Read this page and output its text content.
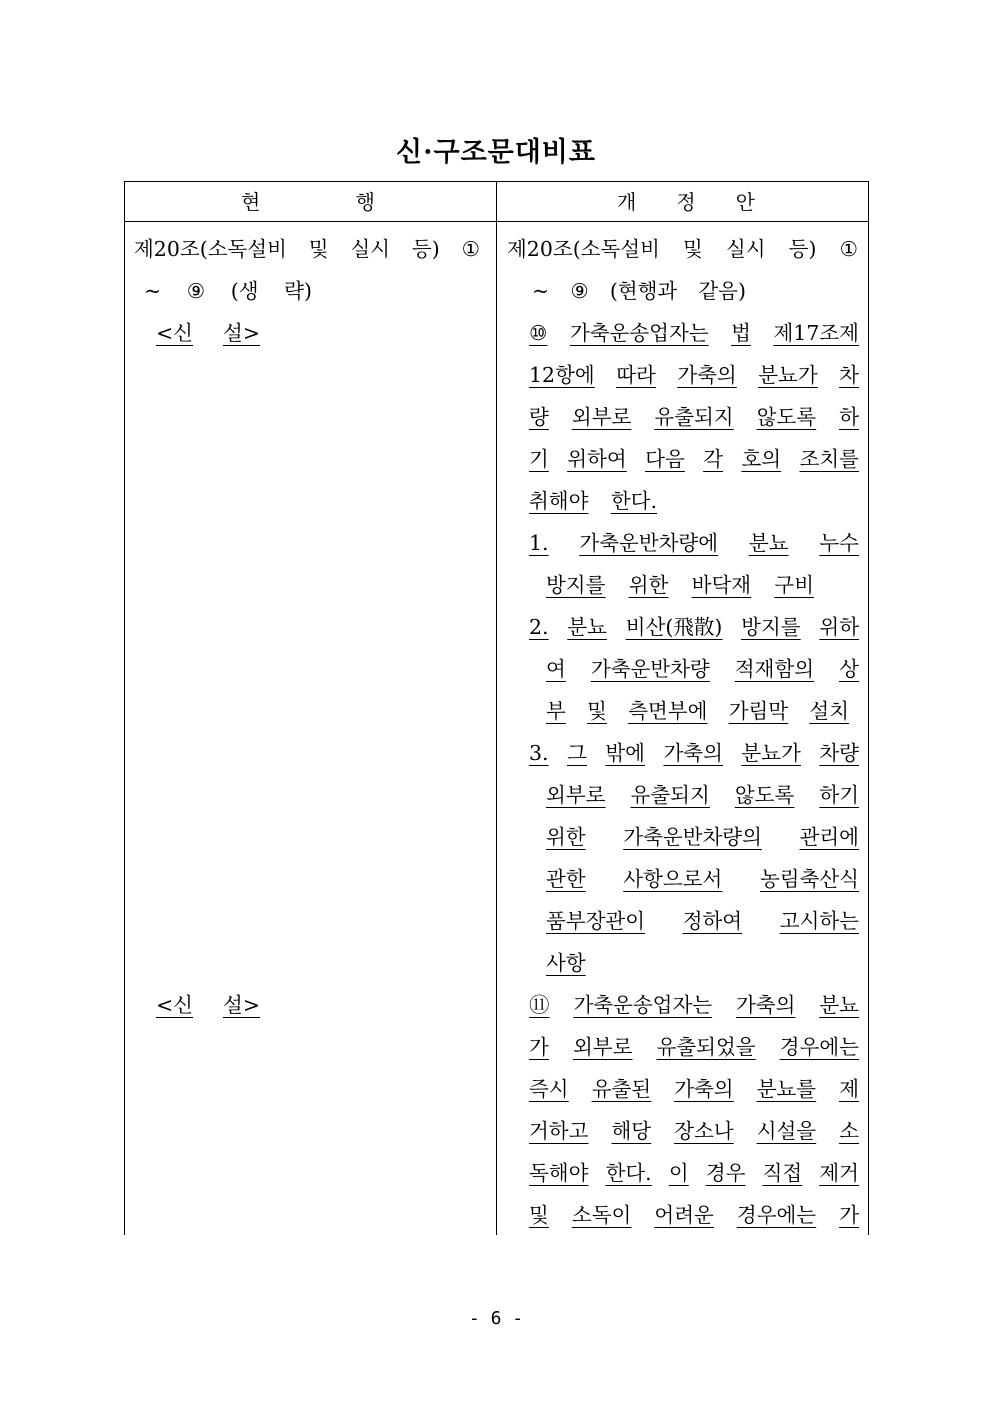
신·구조문대비표
현	행	개 정 안
제20조(소독설비 및 실시 등) ①
~ ⑨ (생 략)
<신 설>
<신 설>
제20조(소독설비 및 실시 등) ①
~ ⑨ (현행과 같음)
⑩ 가축운송업자는 법 제17조제
12항에 따라 가축의 분뇨가 차
량 외부로 유출되지 않도록 하
기 위하여 다음 각 호의 조치를
취해야 한다.
1. 가축운반차량에 분뇨 누수
방지를 위한 바닥재 구비
2. 분뇨 비산(飛散) 방지를 위하
여 가축운반차량 적재함의 상
부 및 측면부에 가림막 설치
3. 그 밖에 가축의 분뇨가 차량
외부로 유출되지 않도록 하기
위한 가축운반차량의 관리에
관한 사항으로서 농림축산식
품부장관이 정하여 고시하는
사항
⑪ 가축운송업자는 가축의 분뇨
가 외부로 유출되었을 경우에는
즉시 유출된 가축의 분뇨를 제
거하고 해당 장소나 시설을 소
독해야 한다. 이 경우 직접 제거
및 소독이 어려운 경우에는 가
- 6 -
